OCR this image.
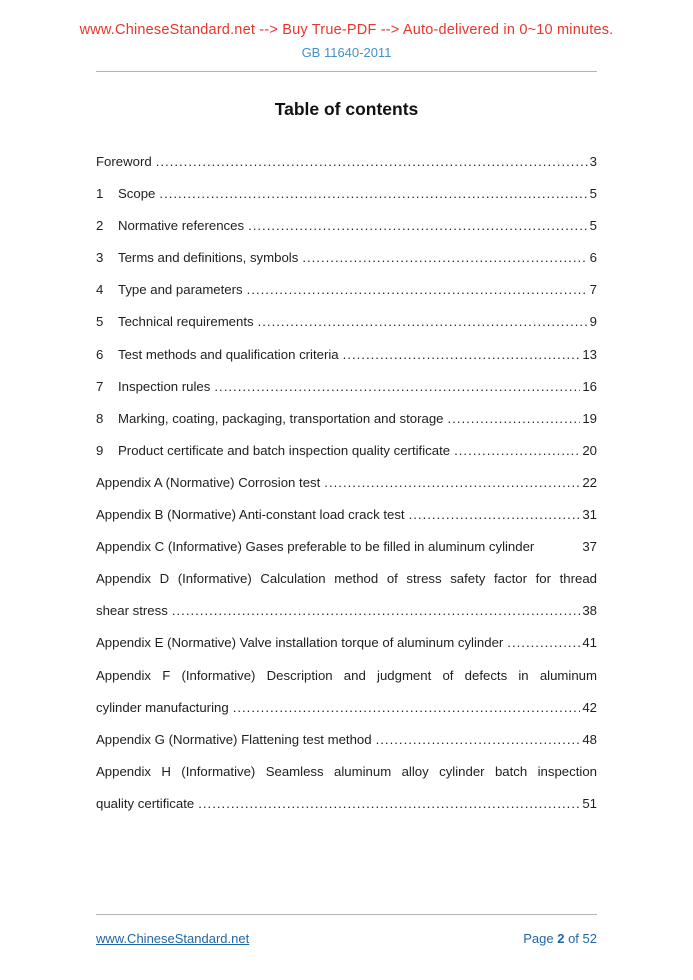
www.ChineseStandard.net --> Buy True-PDF --> Auto-delivered in 0~10 minutes.
GB 11640-2011
Table of contents
Foreword .....	3
1	Scope .....	5
2	Normative references .....	5
3	Terms and definitions, symbols .....	6
4	Type and parameters .....	7
5	Technical requirements .....	9
6	Test methods and qualification criteria .....	13
7	Inspection rules .....	16
8	Marking, coating, packaging, transportation and storage .....	19
9	Product certificate and batch inspection quality certificate .....	20
Appendix A (Normative) Corrosion test .....	22
Appendix B (Normative) Anti-constant load crack test .....	31
Appendix C (Informative) Gases preferable to be filled in aluminum cylinder	37
Appendix D (Informative) Calculation method of stress safety factor for thread
shear stress .....	38
Appendix E (Normative) Valve installation torque of aluminum cylinder .....	41
Appendix F (Informative) Description and judgment of defects in aluminum
cylinder manufacturing .....	42
Appendix G (Normative) Flattening test method .....	48
Appendix H (Informative) Seamless aluminum alloy cylinder batch inspection
quality certificate .....	51
www.ChineseStandard.net	Page 2 of 52
